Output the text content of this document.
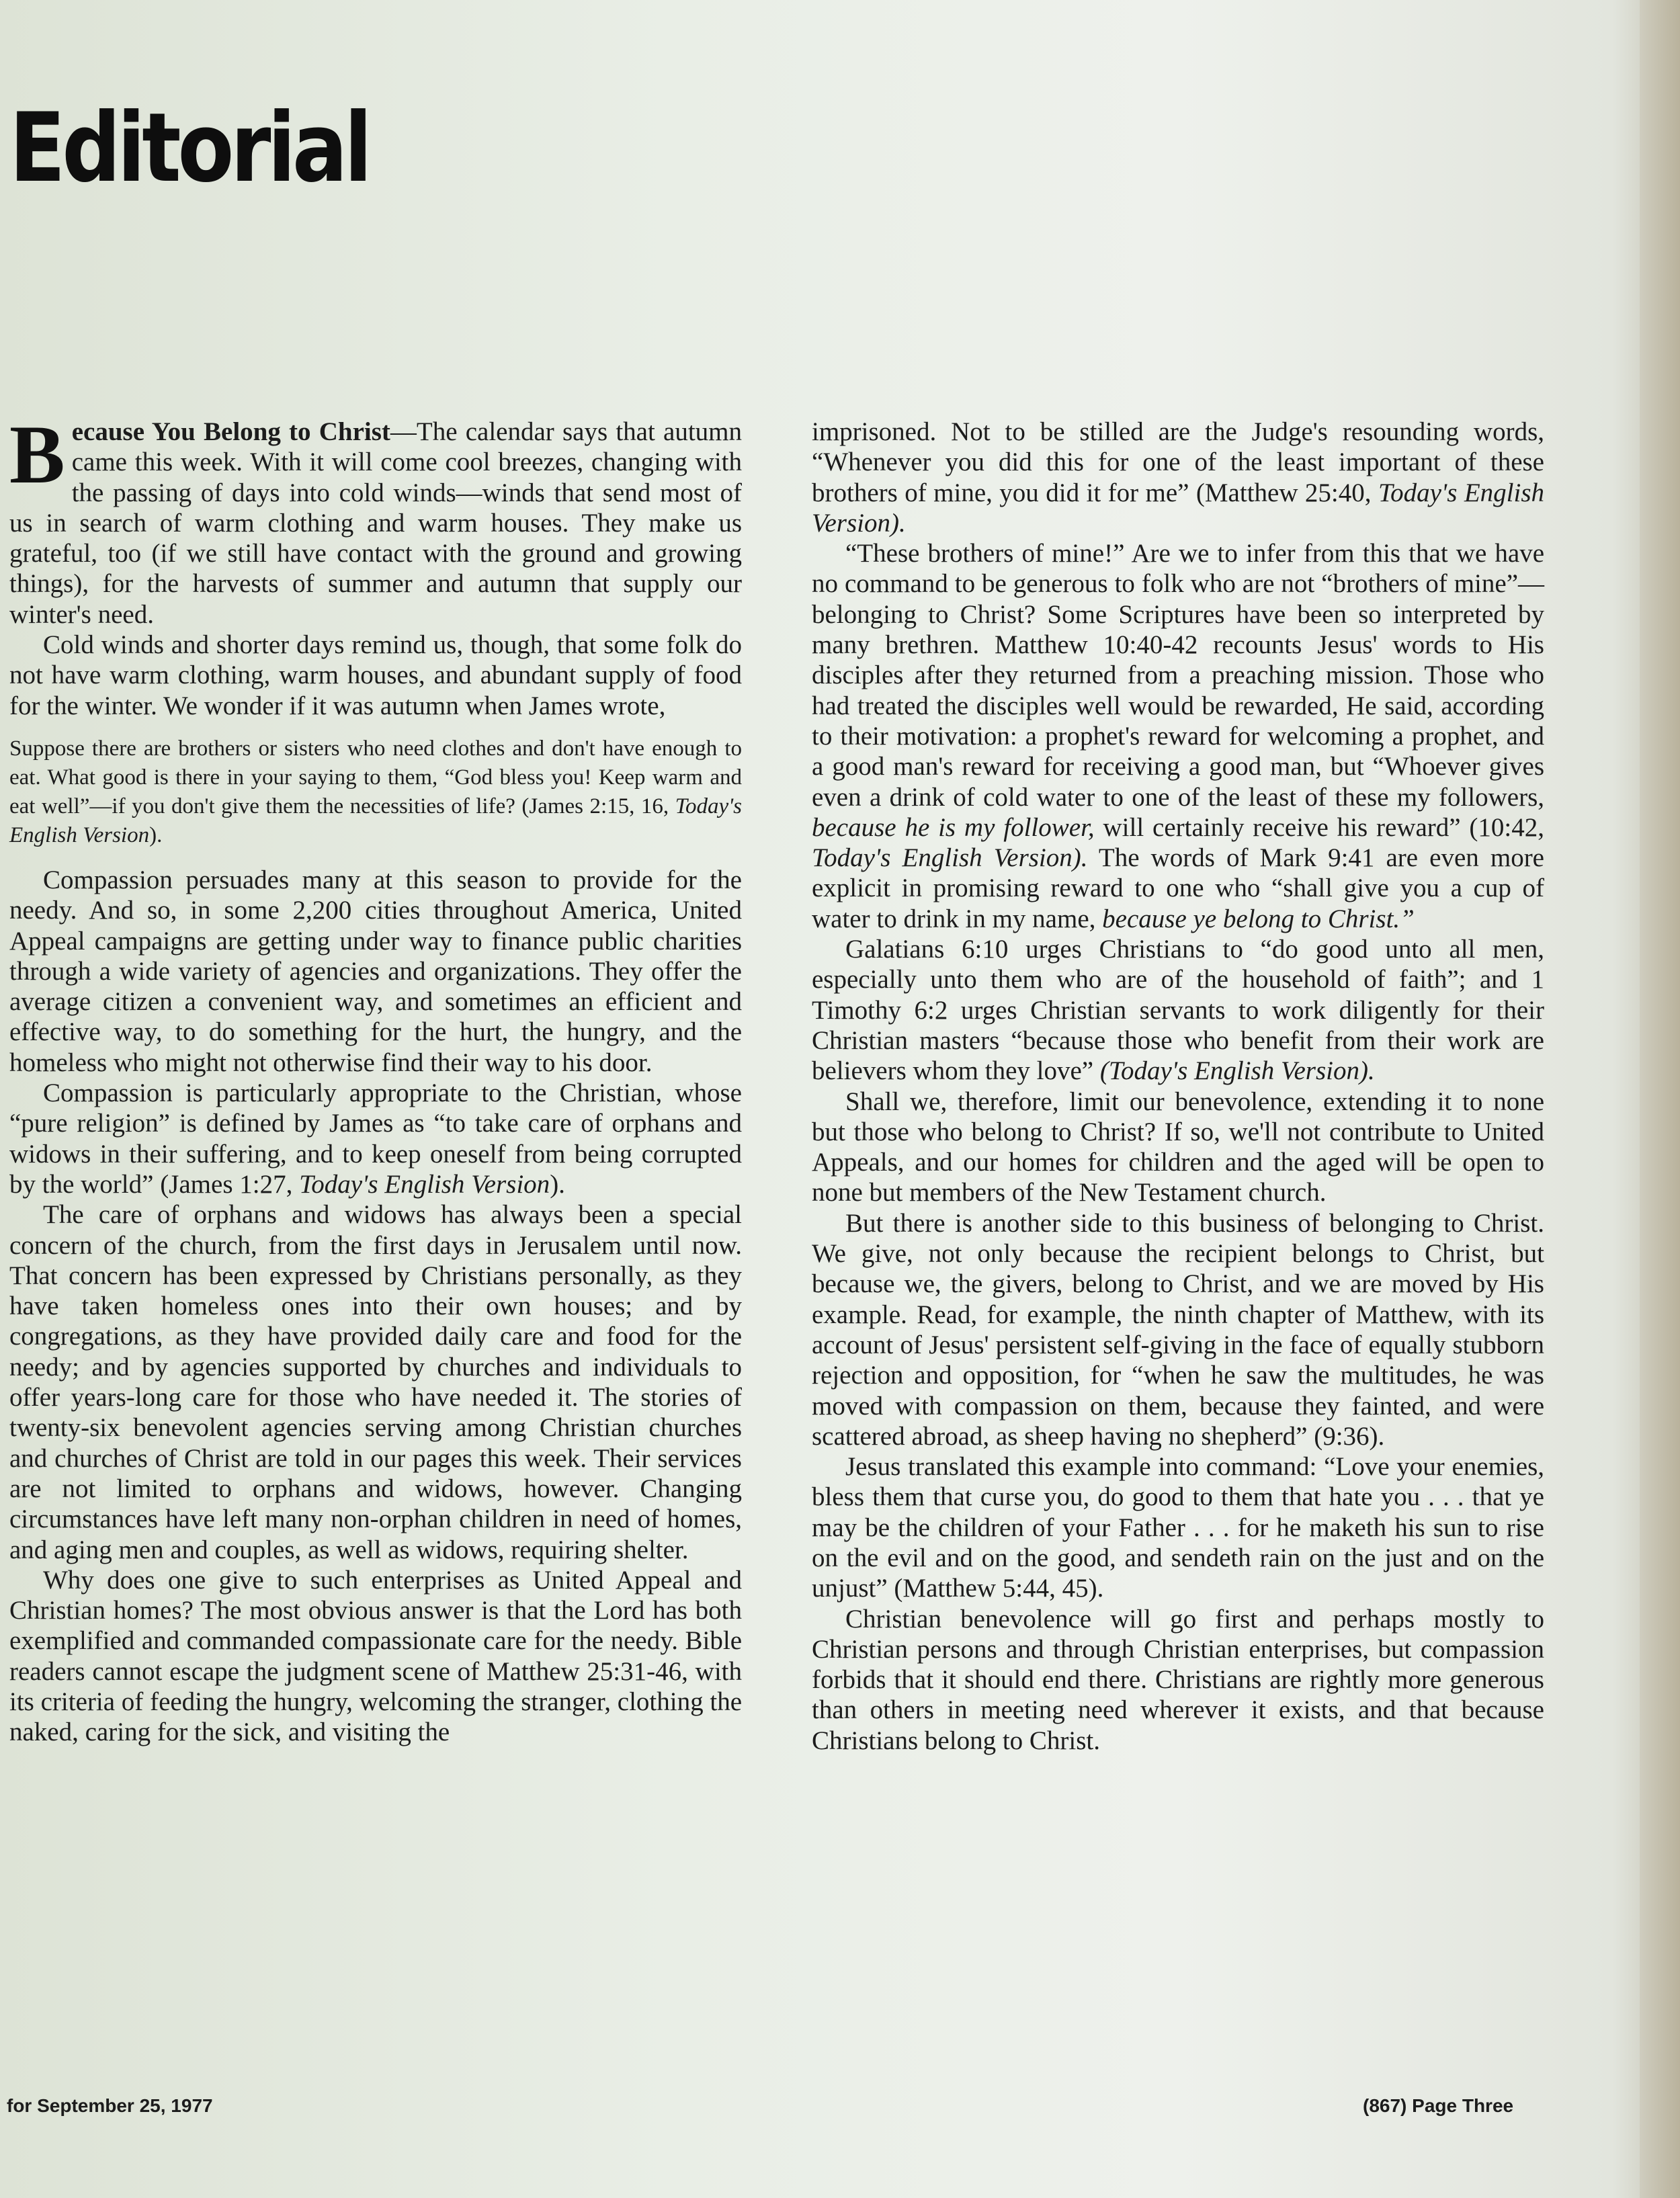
Editorial

Because You Belong to Christ—The calendar says that autumn came this week. With it will come cool breezes, changing with the passing of days into cold winds—winds that send most of us in search of warm clothing and warm houses. They make us grateful, too (if we still have contact with the ground and growing things), for the harvests of summer and autumn that supply our winter's need.

Cold winds and shorter days remind us, though, that some folk do not have warm clothing, warm houses, and abundant supply of food for the winter. We wonder if it was autumn when James wrote,

Suppose there are brothers or sisters who need clothes and don't have enough to eat. What good is there in your saying to them, “God bless you! Keep warm and eat well”—if you don't give them the necessities of life? (James 2:15, 16, Today's English Version).

Compassion persuades many at this season to provide for the needy. And so, in some 2,200 cities throughout America, United Appeal campaigns are getting under way to finance public charities through a wide variety of agencies and organizations. They offer the average citizen a convenient way, and sometimes an efficient and effective way, to do something for the hurt, the hungry, and the homeless who might not otherwise find their way to his door.

Compassion is particularly appropriate to the Christian, whose “pure religion” is defined by James as “to take care of orphans and widows in their suffering, and to keep oneself from being corrupted by the world” (James 1:27, Today's English Version).

The care of orphans and widows has always been a special concern of the church, from the first days in Jerusalem until now. That concern has been expressed by Christians personally, as they have taken homeless ones into their own houses; and by congregations, as they have provided daily care and food for the needy; and by agencies supported by churches and individuals to offer years-long care for those who have needed it. The stories of twenty-six benevolent agencies serving among Christian churches and churches of Christ are told in our pages this week. Their services are not limited to orphans and widows, however. Changing circumstances have left many non-orphan children in need of homes, and aging men and couples, as well as widows, requiring shelter.

Why does one give to such enterprises as United Appeal and Christian homes? The most obvious answer is that the Lord has both exemplified and commanded compassionate care for the needy. Bible readers cannot escape the judgment scene of Matthew 25:31-46, with its criteria of feeding the hungry, welcoming the stranger, clothing the naked, caring for the sick, and visiting the

imprisoned. Not to be stilled are the Judge's resounding words, “Whenever you did this for one of the least important of these brothers of mine, you did it for me” (Matthew 25:40, Today's English Version).

“These brothers of mine!” Are we to infer from this that we have no command to be generous to folk who are not “brothers of mine”—belonging to Christ? Some Scriptures have been so interpreted by many brethren. Matthew 10:40-42 recounts Jesus' words to His disciples after they returned from a preaching mission. Those who had treated the disciples well would be rewarded, He said, according to their motivation: a prophet's reward for welcoming a prophet, and a good man's reward for receiving a good man, but “Whoever gives even a drink of cold water to one of the least of these my followers, because he is my follower, will certainly receive his reward” (10:42, Today's English Version). The words of Mark 9:41 are even more explicit in promising reward to one who “shall give you a cup of water to drink in my name, because ye belong to Christ.”

Galatians 6:10 urges Christians to “do good unto all men, especially unto them who are of the household of faith”; and 1 Timothy 6:2 urges Christian servants to work diligently for their Christian masters “because those who benefit from their work are believers whom they love” (Today's English Version).

Shall we, therefore, limit our benevolence, extending it to none but those who belong to Christ? If so, we'll not contribute to United Appeals, and our homes for children and the aged will be open to none but members of the New Testament church.

But there is another side to this business of belonging to Christ. We give, not only because the recipient belongs to Christ, but because we, the givers, belong to Christ, and we are moved by His example. Read, for example, the ninth chapter of Matthew, with its account of Jesus' persistent self-giving in the face of equally stubborn rejection and opposition, for “when he saw the multitudes, he was moved with compassion on them, because they fainted, and were scattered abroad, as sheep having no shepherd” (9:36).

Jesus translated this example into command: “Love your enemies, bless them that curse you, do good to them that hate you . . . that ye may be the children of your Father . . . for he maketh his sun to rise on the evil and on the good, and sendeth rain on the just and on the unjust” (Matthew 5:44, 45).

Christian benevolence will go first and perhaps mostly to Christian persons and through Christian enterprises, but compassion forbids that it should end there. Christians are rightly more generous than others in meeting need wherever it exists, and that because Christians belong to Christ.

for September 25, 1977	(867) Page Three
